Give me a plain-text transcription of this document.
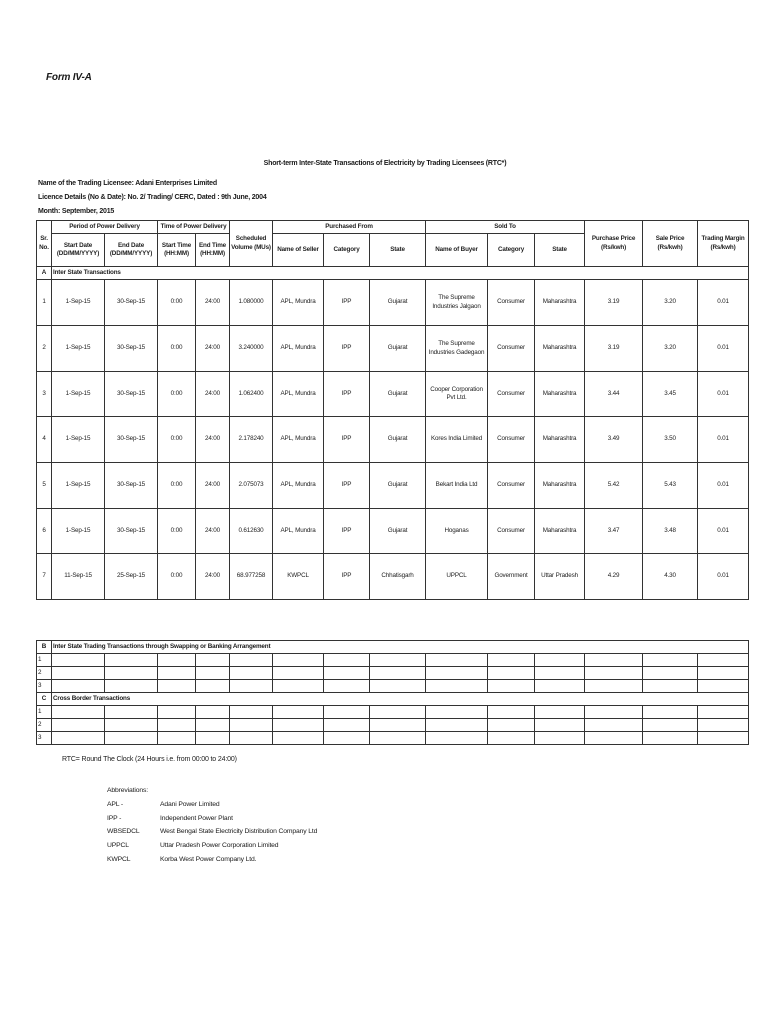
Form IV-A
Short-term Inter-State Transactions of Electricity by Trading Licensees (RTC*)
Name of the Trading Licensee: Adani Enterprises Limited
Licence Details (No & Date): No. 2/ Trading/ CERC, Dated : 9th June, 2004
Month: September, 2015
Sr. No.	Period of Power Delivery		Time of Power Delivery		Scheduled Volume (MUs)	Purchased From			Sold To			Purchase Price (Rs/kwh)	Sale Price (Rs/kwh)	Trading Margin (Rs/kwh)
	Start Date (DD/MM/YYYY)	End Date (DD/MM/YYYY)	Start Time (HH:MM)	End Time (HH:MM)		Name of Seller	Category	State	Name of Buyer	Category	State			
A	Inter State Transactions													
1	1-Sep-15	30-Sep-15	0:00	24:00	1.080000	APL, Mundra	IPP	Gujarat	The Supreme Industries Jalgaon	Consumer	Maharashtra	3.19	3.20	0.01
2	1-Sep-15	30-Sep-15	0:00	24:00	3.240000	APL, Mundra	IPP	Gujarat	The Supreme Industries Gadegaon	Consumer	Maharashtra	3.19	3.20	0.01
3	1-Sep-15	30-Sep-15	0:00	24:00	1.062400	APL, Mundra	IPP	Gujarat	Cooper Corporation Pvt Ltd.	Consumer	Maharashtra	3.44	3.45	0.01
4	1-Sep-15	30-Sep-15	0:00	24:00	2.178240	APL, Mundra	IPP	Gujarat	Kores India Limited	Consumer	Maharashtra	3.49	3.50	0.01
5	1-Sep-15	30-Sep-15	0:00	24:00	2.075073	APL, Mundra	IPP	Gujarat	Bekart India Ltd	Consumer	Maharashtra	5.42	5.43	0.01
6	1-Sep-15	30-Sep-15	0:00	24:00	0.612630	APL, Mundra	IPP	Gujarat	Hoganas	Consumer	Maharashtra	3.47	3.48	0.01
7	11-Sep-15	25-Sep-15	0:00	24:00	68.977258	KWPCL	IPP	Chhatisgarh	UPPCL	Government	Uttar Pradesh	4.29	4.30	0.01
B	Inter State Trading Transactions through Swapping or Banking Arrangement													
1														
2														
3														
C	Cross Border Transactions													
1														
2														
3														
RTC= Round The Clock (24 Hours i.e. from 00:00 to 24:00)
Abbreviations:
APL -	Adani Power Limited
IPP -	Independent Power Plant
WBSEDCL	West Bengal State Electricity Distribution Company Ltd
UPPCL	Uttar Pradesh Power Corporation Limited
KWPCL	Korba West Power Company Ltd.
